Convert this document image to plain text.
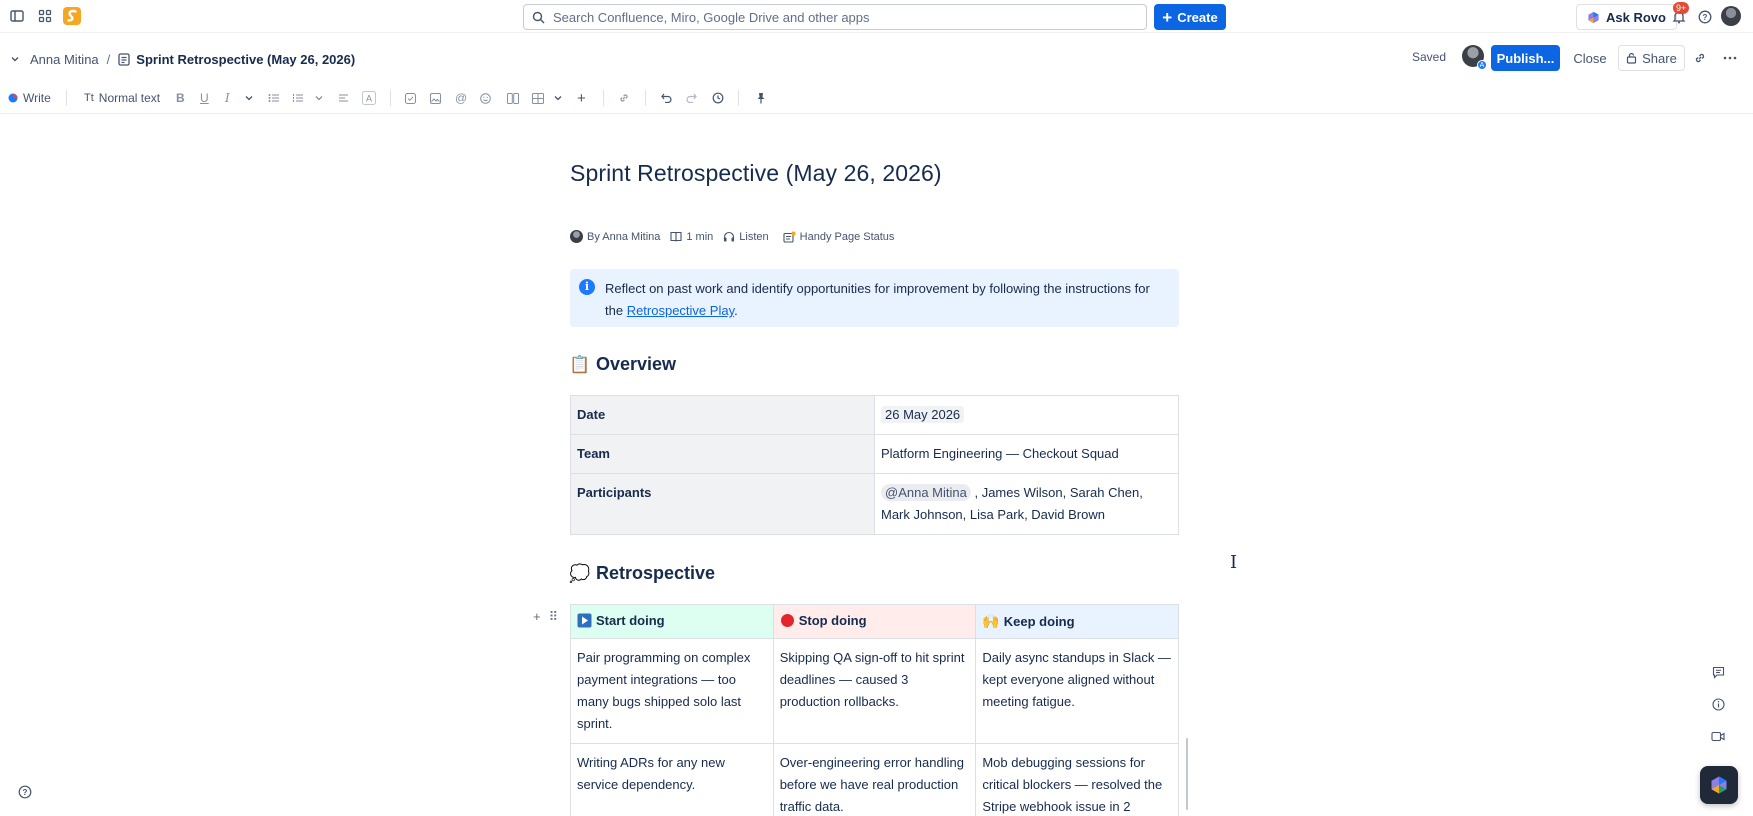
Search Confluence, Miro, Google Drive and other apps	+ Create	Ask Rovo
9+
?
Anna Mitina / Sprint Retrospective (May 26, 2026)	Saved
A Publish...	Close	Share
Write	Tt Normal text B U I	A	@	+
Sprint Retrospective (May 26, 2026)
By Anna Mitina 1 min Listen	Handy Page Status
i	Reflect on past work and identify opportunities for improvement by following the instructions for the Retrospective Play.
📋 Overview
Date	26 May 2026
Team	Platform Engineering — Checkout Squad
Participants	@Anna Mitina , James Wilson, Sarah Chen, Mark Johnson, Lisa Park, David Brown
💭 Retrospective
Start doing	Stop doing	🙌 Keep doing

Pair programming on complex payment integrations — too many bugs shipped solo last sprint.	Skipping QA sign-off to hit sprint deadlines — caused 3 production rollbacks.	Daily async standups in Slack — kept everyone aligned without meeting fatigue.
Writing ADRs for any new service dependency.	Over-engineering error handling before we have real production traffic data.	Mob debugging sessions for critical blockers — resolved the Stripe webhook issue in 2
+ ⠿
I
?
